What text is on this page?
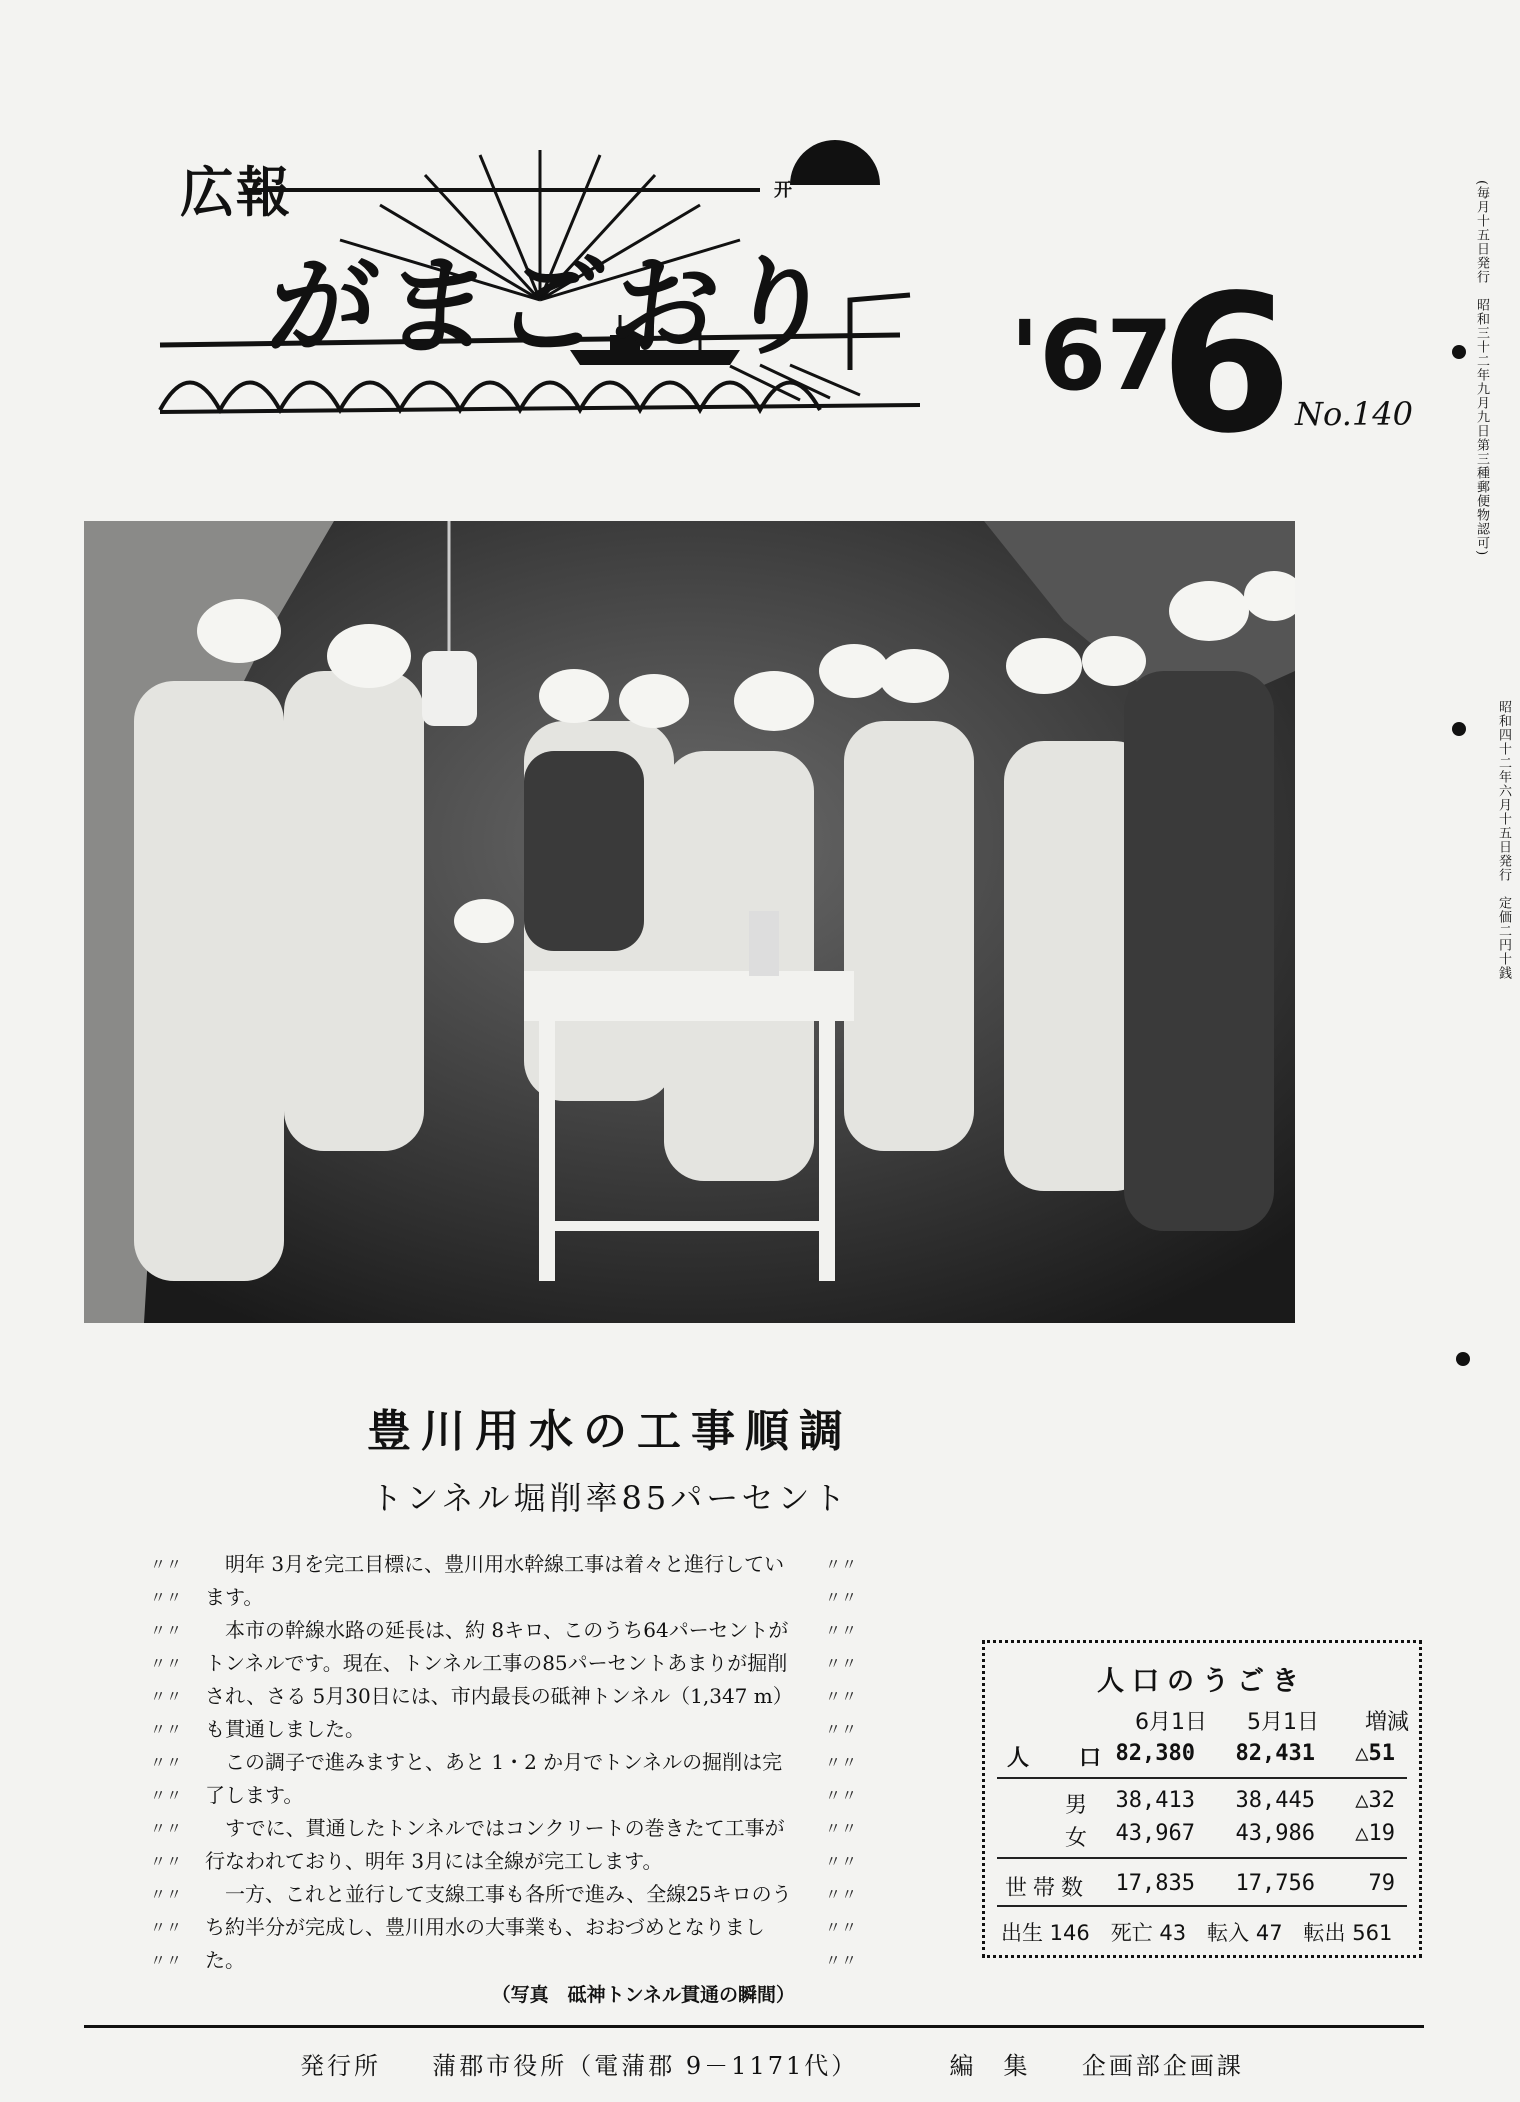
広報
がまごおり
开
'67
6 No.140	(毎月十五日発行　昭和三十二年九月九日第三種郵便物認可)
昭和四十二年六月十五日発行　定価二円十銭
豊川用水の工事順調
トンネル堀削率85パーセント
〃〃
〃〃
〃〃
〃〃
〃〃
〃〃
〃〃
〃〃
〃〃
〃〃
〃〃
〃〃
〃〃
〃〃
〃〃
〃〃
〃〃
〃〃
〃〃
〃〃
〃〃
〃〃
〃〃
〃〃
〃〃
〃〃

明年 3月を完工目標に、豊川用水幹線工事は着々と進行しています。

本市の幹線水路の延長は、約 8キロ、このうち64パーセントがトンネルです。現在、トンネル工事の85パーセントあまりが掘削され、さる 5月30日には、市内最長の砥神トンネル（1,347 m）も貫通しました。

この調子で進みますと、あと 1・2 か月でトンネルの掘削は完了します。

すでに、貫通したトンネルではコンクリートの巻きたて工事が行なわれており、明年 3月には全線が完工します。

一方、これと並行して支線工事も各所で進み、全線25キロのうち約半分が完成し、豊川用水の大事業も、おおづめとなりました。

（写真　砥神トンネル貫通の瞬間）
人口のうごき
6月1日 5月1日 増減
人　口 82,380	82,431	△51
男	38,413	38,445	△32
女	43,967	43,986	△19
世帯数	17,835	17,756	79
出生 146　死亡 43　転入 47　転出 561
発行所 蒲郡市役所（電蒲郡 9－1171代）	編　集 企画部企画課
